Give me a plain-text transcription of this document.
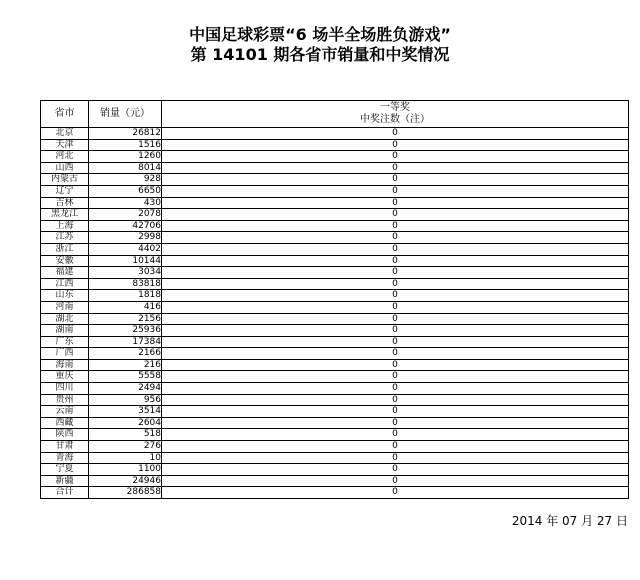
中国足球彩票“6 场半全场胜负游戏”
第 14101 期各省市销量和中奖情况
省市	销量（元）	一等奖
中奖注数（注）

北京	26812	0
天津	1516	0
河北	1260	0
山西	8014	0
内蒙古	928	0
辽宁	6650	0
吉林	430	0
黑龙江	2078	0
上海	42706	0
江苏	2998	0
浙江	4402	0
安徽	10144	0
福建	3034	0
江西	83818	0
山东	1818	0
河南	416	0
湖北	2156	0
湖南	25936	0
广东	17384	0
广西	2166	0
海南	216	0
重庆	5558	0
四川	2494	0
贵州	956	0
云南	3514	0
西藏	2604	0
陕西	518	0
甘肃	276	0
青海	10	0
宁夏	1100	0
新疆	24946	0
合计	286858	0
2014 年 07 月 27 日
